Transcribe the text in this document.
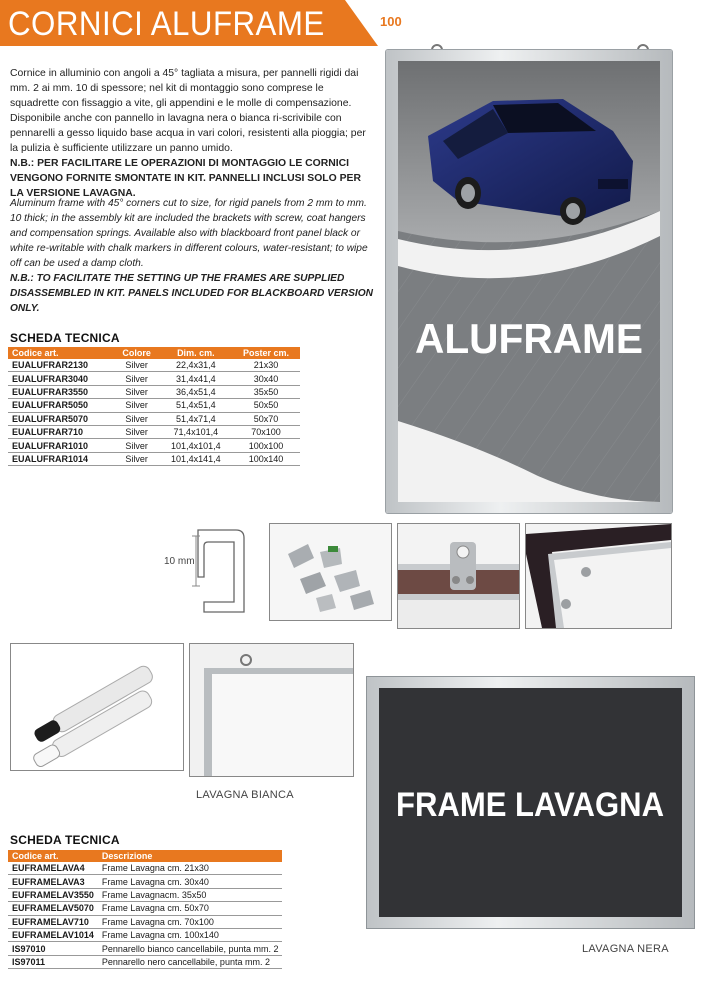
CORNICI ALUFRAME	100

Cornice in alluminio con angoli a 45° tagliata a misura, per pannelli rigidi dai mm. 2 ai mm. 10 di spessore; nel kit di montaggio sono comprese le squadrette con fissaggio a vite, gli appendini e le molle di compensazione. Disponibile anche con pannello in lavagna nera o bianca ri-scrivibile con pennarelli a gesso liquido base acqua in vari colori, resistenti alla pioggia; per la pulizia è sufficiente utilizzare un panno umido.

N.B.: PER FACILITARE LE OPERAZIONI DI MONTAGGIO LE CORNICI VENGONO FORNITE SMONTATE IN KIT. PANNELLI INCLUSI SOLO PER LA VERSIONE LAVAGNA.

Aluminum frame with 45° corners cut to size, for rigid panels from 2 mm to mm. 10 thick; in the assembly kit are included the brackets with screw, coat hangers and compensation springs. Available also with blackboard front panel black or white re-writable with chalk markers in different colours, water-resistant; to wipe off can be used a damp cloth.

N.B.: TO FACILITATE THE SETTING UP THE FRAMES ARE SUPPLIED DISASSEMBLED IN KIT. PANELS INCLUDED FOR BLACKBOARD VERSION ONLY.

SCHEDA TECNICA
Codice art.	Colore	Dim. cm.	Poster cm.
EUALUFRAR2130	Silver	22,4x31,4	21x30
EUALUFRAR3040	Silver	31,4x41,4	30x40
EUALUFRAR3550	Silver	36,4x51,4	35x50
EUALUFRAR5050	Silver	51,4x51,4	50x50
EUALUFRAR5070	Silver	51,4x71,4	50x70
EUALUFRAR710	Silver	71,4x101,4	70x100
EUALUFRAR1010	Silver	101,4x101,4	100x100
EUALUFRAR1014	Silver	101,4x141,4	100x140
ALUFRAME
10 mm
LAVAGNA BIANCA	FRAME LAVAGNA
LAVAGNA NERA
SCHEDA TECNICA
Codice art.	Descrizione
EUFRAMELAVA4	Frame Lavagna cm. 21x30
EUFRAMELAVA3	Frame Lavagna cm. 30x40
EUFRAMELAV3550	Frame Lavagnacm. 35x50
EUFRAMELAV5070	Frame Lavagna cm. 50x70
EUFRAMELAV710	Frame Lavagna cm. 70x100
EUFRAMELAV1014	Frame Lavagna cm. 100x140
IS97010	Pennarello bianco cancellabile, punta mm. 2
IS97011	Pennarello nero cancellabile, punta mm. 2
